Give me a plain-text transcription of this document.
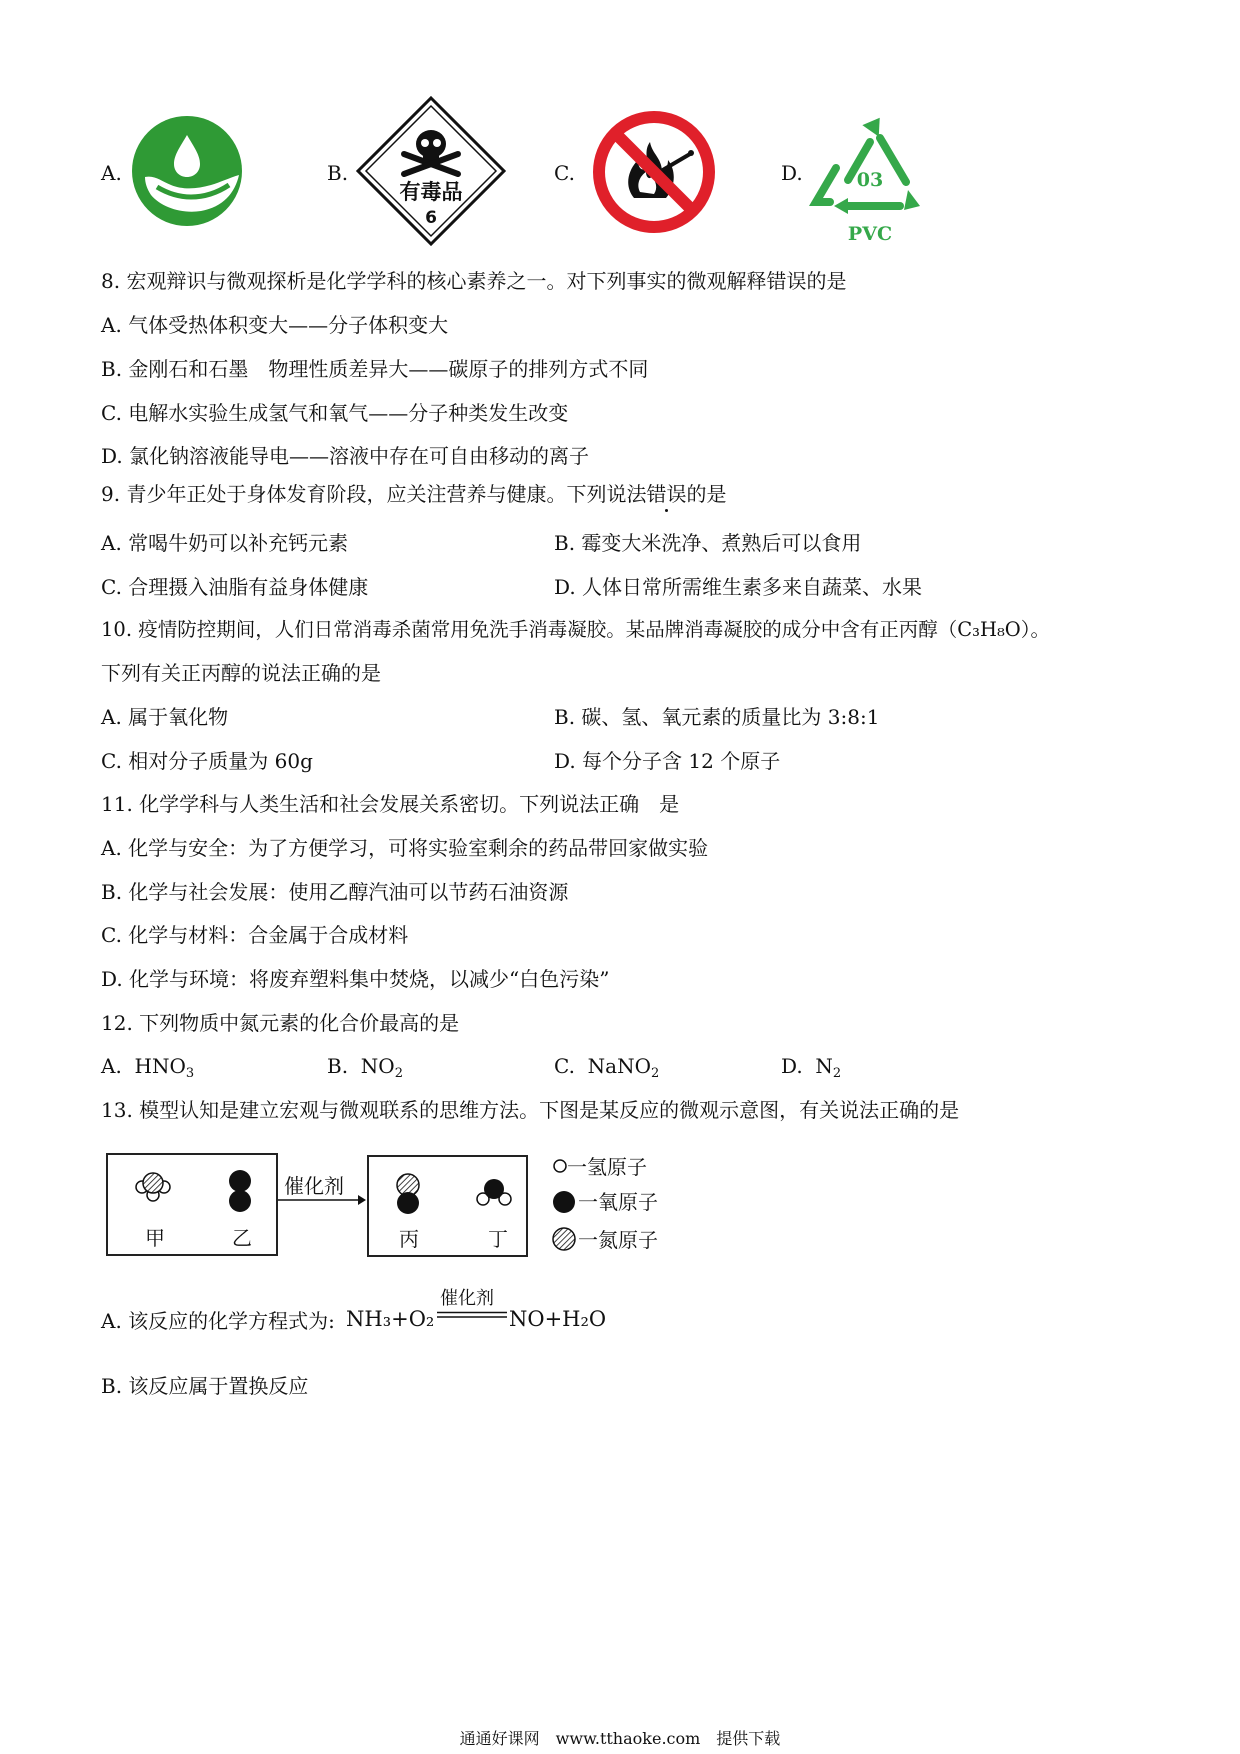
A.	B.
有毒品
6
C.	D.	03
PVC
8. 宏观辩识与微观探析是化学学科的核心素养之一。对下列事实的微观解释错误的是
A. 气体受热体积变大——分子体积变大
B. 金刚石和石墨　物理性质差异大——碳原子的排列方式不同
C. 电解水实验生成氢气和氧气——分子种类发生改变
D. 氯化钠溶液能导电——溶液中存在可自由移动的离子
9. 青少年正处于身体发育阶段，应关注营养与健康。下列说法错误的是
A. 常喝牛奶可以补充钙元素	B. 霉变大米洗净、煮熟后可以食用
C. 合理摄入油脂有益身体健康	D. 人体日常所需维生素多来自蔬菜、水果
10. 疫情防控期间，人们日常消毒杀菌常用免洗手消毒凝胶。某品牌消毒凝胶的成分中含有正丙醇（C₃H₈O）。
下列有关正丙醇的说法正确的是
A. 属于氧化物	B. 碳、氢、氧元素的质量比为 3:8:1
C. 相对分子质量为 60g	D. 每个分子含 12 个原子
11. 化学学科与人类生活和社会发展关系密切。下列说法正确　是
A. 化学与安全：为了方便学习，可将实验室剩余的药品带回家做实验
B. 化学与社会发展：使用乙醇汽油可以节药石油资源
C. 化学与材料：合金属于合成材料
D. 化学与环境：将废弃塑料集中焚烧，以减少“白色污染”
12. 下列物质中氮元素的化合价最高的是
A. $HNO_3$	B. $NO_2$	C. NaNO$_2$	D. $N_2$
13. 模型认知是建立宏观与微观联系的思维方法。下图是某反应的微观示意图，有关说法正确的是
甲	乙
催化剂
丙	丁
一氢原子
一氧原子
一氮原子
A. 该反应的化学方程式为: NH₃+O₂
催化剂
NO+H₂O
B. 该反应属于置换反应
通通好课网　www.tthaoke.com　提供下载
